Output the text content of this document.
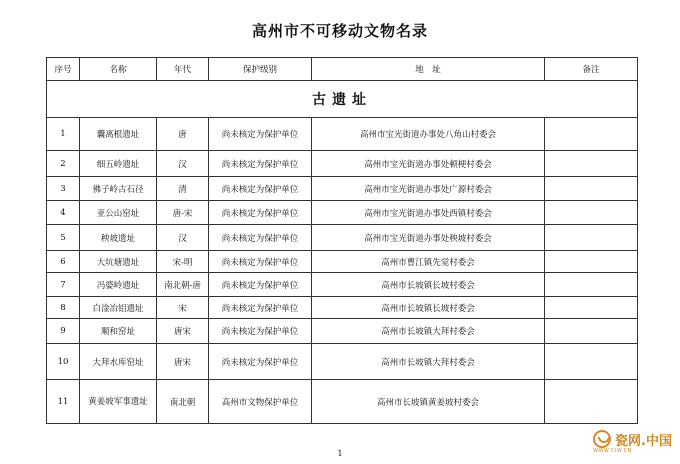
高州市不可移动文物名录
序号	名称	年代	保护级别	地　址	备注
古遗址					
1	囊离根遗址	唐	尚未核定为保护单位	高州市宝光街道办事处八角山村委会	
2	细五岭遗址	汉	尚未核定为保护单位	高州市宝光街道办事处顿梗村委会	
3	佛子岭古石径	清	尚未核定为保护单位	高州市宝光街道办事处广源村委会	
4	亚公山窑址	唐-宋	尚未核定为保护单位	高州市宝光街道办事处西镇村委会	
5	秧坡遗址	汉	尚未核定为保护单位	高州市宝光街道办事处秧坡村委会	
6	大坑塘遗址	宋-明	尚未核定为保护单位	高州市曹江镇先觉村委会	
7	冯婆岭遗址	南北朝-唐	尚未核定为保护单位	高州市长坡镇长坡村委会	
8	白淦冶铝遗址	宋	尚未核定为保护单位	高州市长坡镇长坡村委会	
9	顺和窑址	唐宋	尚未核定为保护单位	高州市长坡镇大拜村委会	
10	大拜水库窑址	唐宋	尚未核定为保护单位	高州市长坡镇大拜村委会	
11	黄姜坡军事遗址	南北朝	高州市文物保护单位	高州市长坡镇黄姜坡村委会	
1
瓷网.中国
WWW.CIW.CN
